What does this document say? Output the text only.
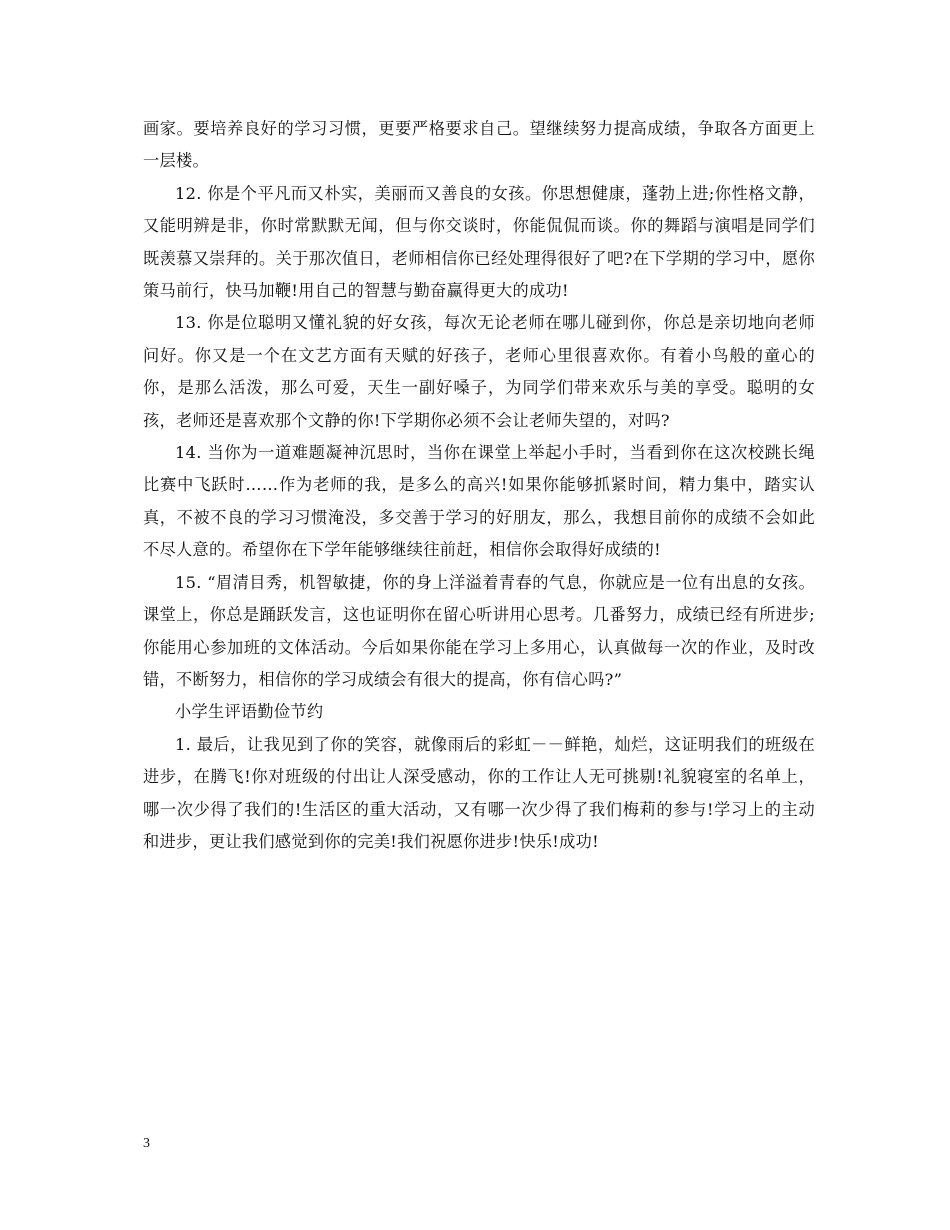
画家。要培养良好的学习习惯，更要严格要求自己。望继续努力提高成绩，争取各方面更上一层楼。

12. 你是个平凡而又朴实，美丽而又善良的女孩。你思想健康，蓬勃上进;你性格文静，又能明辨是非，你时常默默无闻，但与你交谈时，你能侃侃而谈。你的舞蹈与演唱是同学们既羡慕又崇拜的。关于那次值日，老师相信你已经处理得很好了吧?在下学期的学习中，愿你策马前行，快马加鞭!用自己的智慧与勤奋赢得更大的成功!

13. 你是位聪明又懂礼貌的好女孩，每次无论老师在哪儿碰到你，你总是亲切地向老师问好。你又是一个在文艺方面有天赋的好孩子，老师心里很喜欢你。有着小鸟般的童心的你，是那么活泼，那么可爱，天生一副好嗓子，为同学们带来欢乐与美的享受。聪明的女孩，老师还是喜欢那个文静的你!下学期你必须不会让老师失望的，对吗?

14. 当你为一道难题凝神沉思时，当你在课堂上举起小手时，当看到你在这次校跳长绳比赛中飞跃时……作为老师的我，是多么的高兴!如果你能够抓紧时间，精力集中，踏实认真，不被不良的学习习惯淹没，多交善于学习的好朋友，那么，我想目前你的成绩不会如此不尽人意的。希望你在下学年能够继续往前赶，相信你会取得好成绩的!

15. “眉清目秀，机智敏捷，你的身上洋溢着青春的气息，你就应是一位有出息的女孩。课堂上，你总是踊跃发言，这也证明你在留心听讲用心思考。几番努力，成绩已经有所进步;你能用心参加班的文体活动。今后如果你能在学习上多用心，认真做每一次的作业，及时改错，不断努力，相信你的学习成绩会有很大的提高，你有信心吗?”

小学生评语勤俭节约

1. 最后，让我见到了你的笑容，就像雨后的彩虹－－鲜艳，灿烂，这证明我们的班级在进步，在腾飞!你对班级的付出让人深受感动，你的工作让人无可挑剔!礼貌寝室的名单上，哪一次少得了我们的!生活区的重大活动，又有哪一次少得了我们梅莉的参与!学习上的主动和进步，更让我们感觉到你的完美!我们祝愿你进步!快乐!成功!

3
